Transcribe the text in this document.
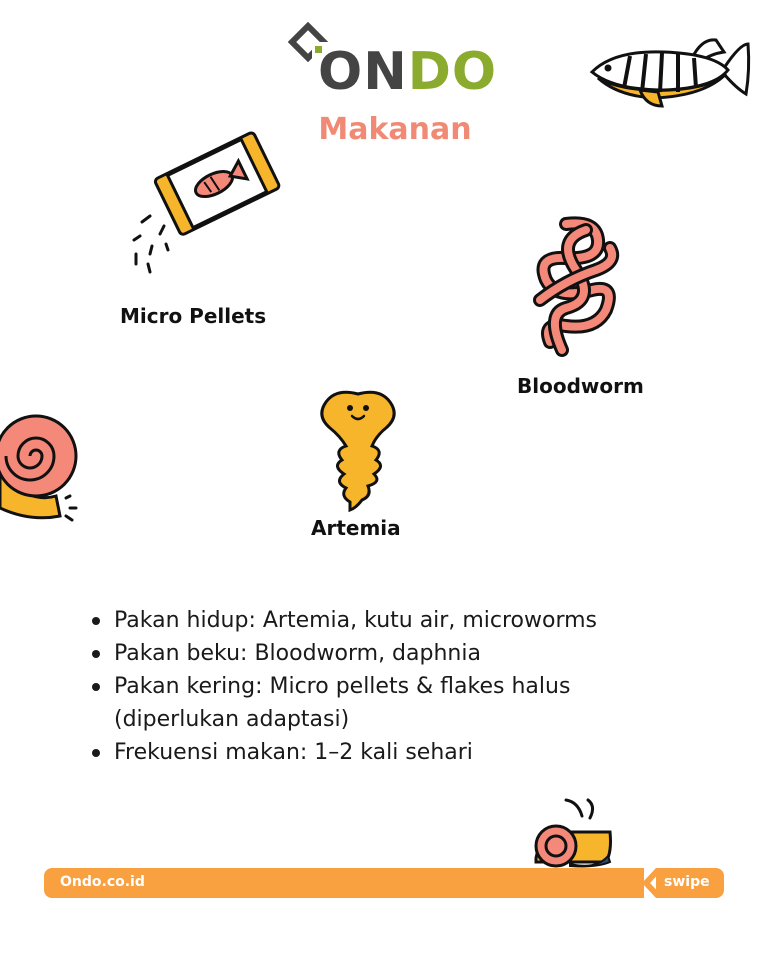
ONDO
Makanan
Micro Pellets
Bloodworm
Artemia
Pakan hidup: Artemia, kutu air, microworms
Pakan beku: Bloodworm, daphnia
Pakan kering: Micro pellets & flakes halus
(diperlukan adaptasi)
Frekuensi makan: 1–2 kali sehari
Ondo.co.id	swipe
